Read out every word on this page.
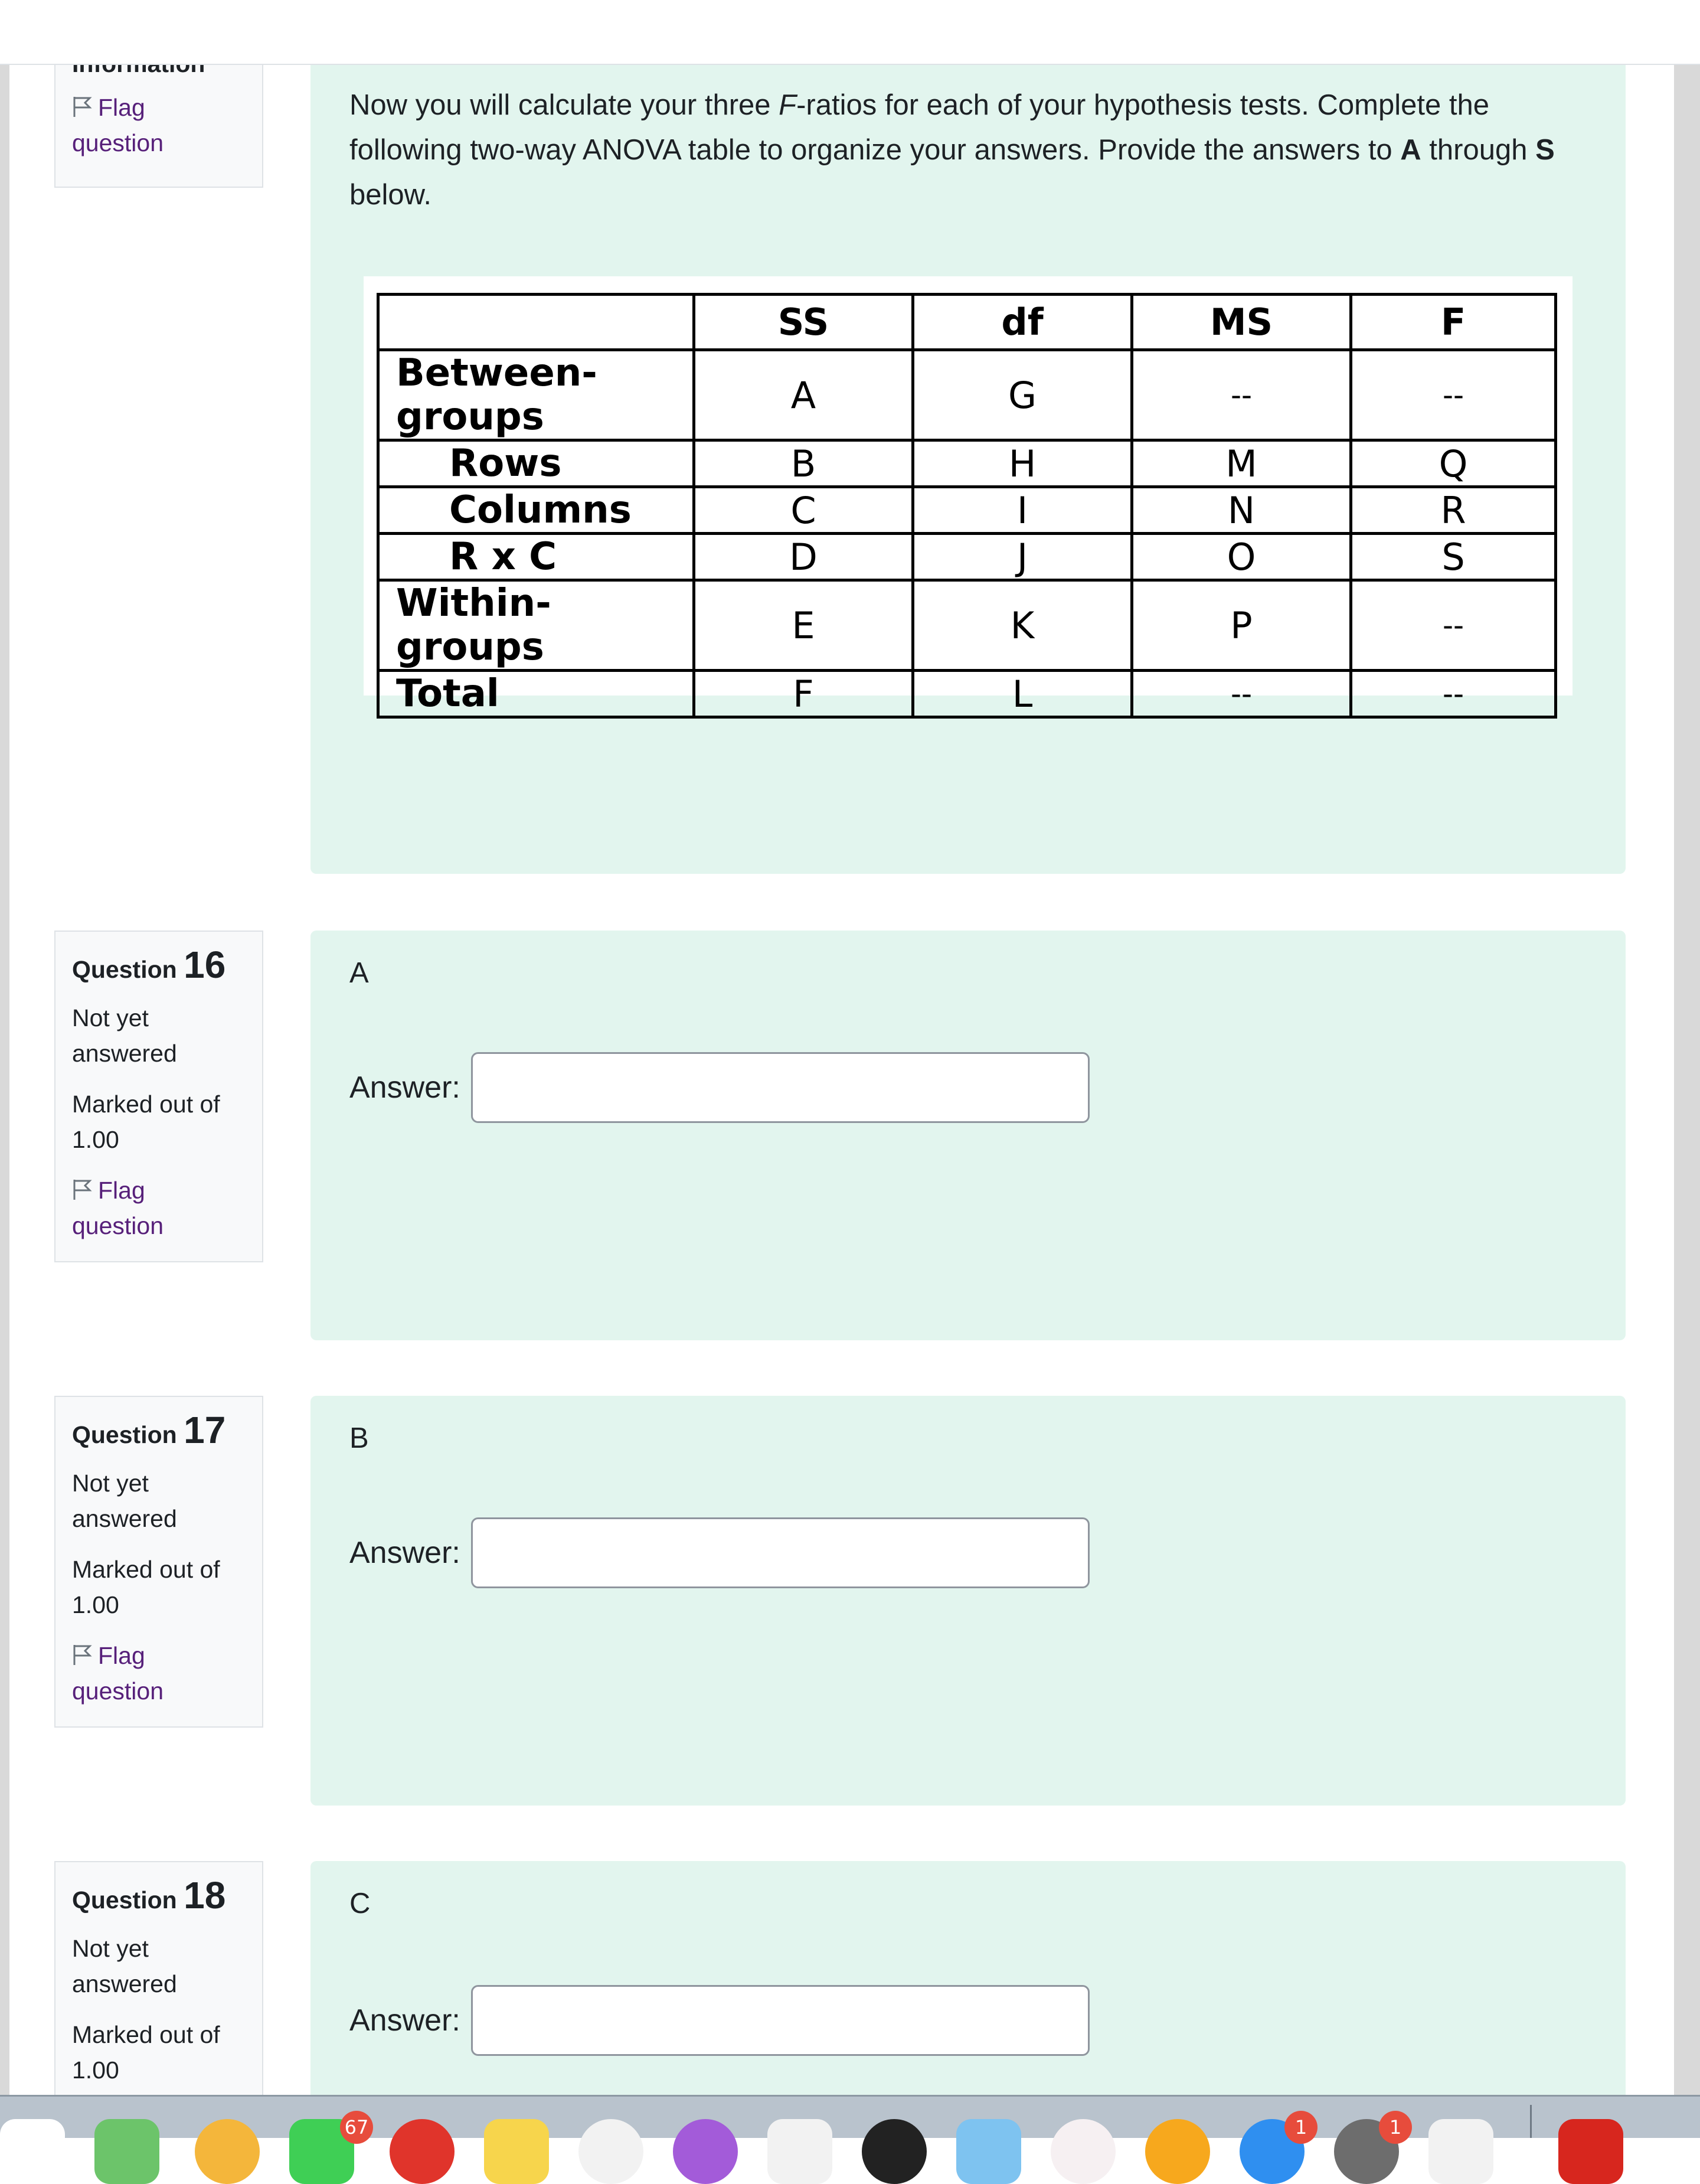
Flag
question
Now you will calculate your three F-ratios for each of your hypothesis tests. Complete the following two-way ANOVA table to organize your answers. Provide the answers to A through S below.
	SS	df	MS	F
Between-groups	A	G	--	--
Rows	B	H	M	Q
Columns	C	I	N	R
R x C	D	J	O	S
Within-groups	E	K	P	--
Total	F	L	--	--
Question 16
Not yet
answered
Marked out of
1.00
Flag
question
A
Answer:
Question 17
Not yet
answered
Marked out of
1.00
Flag
question
B
Answer:
Question 18
Not yet
answered
Marked out of
1.00
C
Answer:
67	1	1
